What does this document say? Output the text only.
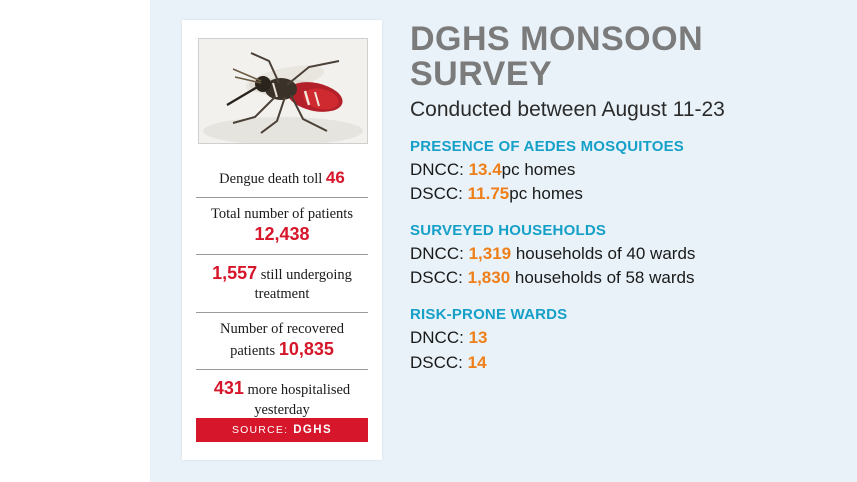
Dengue death toll 46
Total number of patients 12,438
1,557 still undergoing treatment
Number of recovered patients 10,835
431 more hospitalised yesterday
SOURCE: DGHS
DGHS MONSOON SURVEY
Conducted between August 11-23
PRESENCE OF AEDES MOSQUITOES
DNCC: 13.4pc homes
DSCC: 11.75pc homes
SURVEYED HOUSEHOLDS
DNCC: 1,319 households of 40 wards
DSCC: 1,830 households of 58 wards
RISK-PRONE WARDS
DNCC: 13
DSCC: 14
